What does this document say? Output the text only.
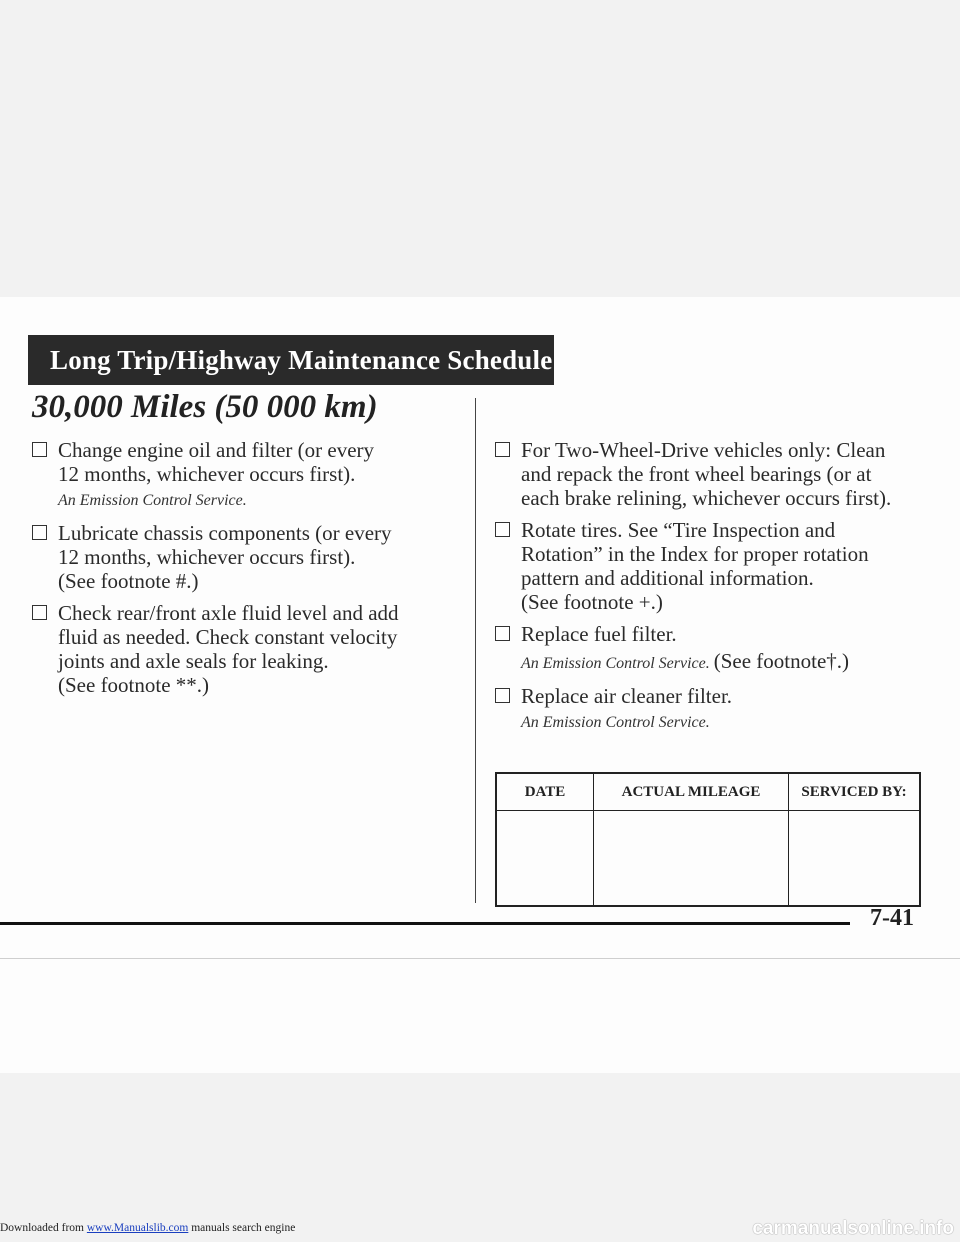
Long Trip/Highway Maintenance Schedule
30,000 Miles (50 000 km)
Change engine oil and filter (or every
12 months, whichever occurs first).
An Emission Control Service.
Lubricate chassis components (or every
12 months, whichever occurs first).
(See footnote #.)
Check rear/front axle fluid level and add
fluid as needed. Check constant velocity
joints and axle seals for leaking.
(See footnote **.)
For Two-Wheel-Drive vehicles only: Clean
and repack the front wheel bearings (or at
each brake relining, whichever occurs first).
Rotate tires. See “Tire Inspection and
Rotation” in the Index for proper rotation
pattern and additional information.
(See footnote +.)
Replace fuel filter.
An Emission Control Service. (See footnote†.)
Replace air cleaner filter.
An Emission Control Service.
DATE	ACTUAL MILEAGE	SERVICED BY:

7-41
Downloaded from www.Manualslib.com manuals search engine	carmanualsonline.info
